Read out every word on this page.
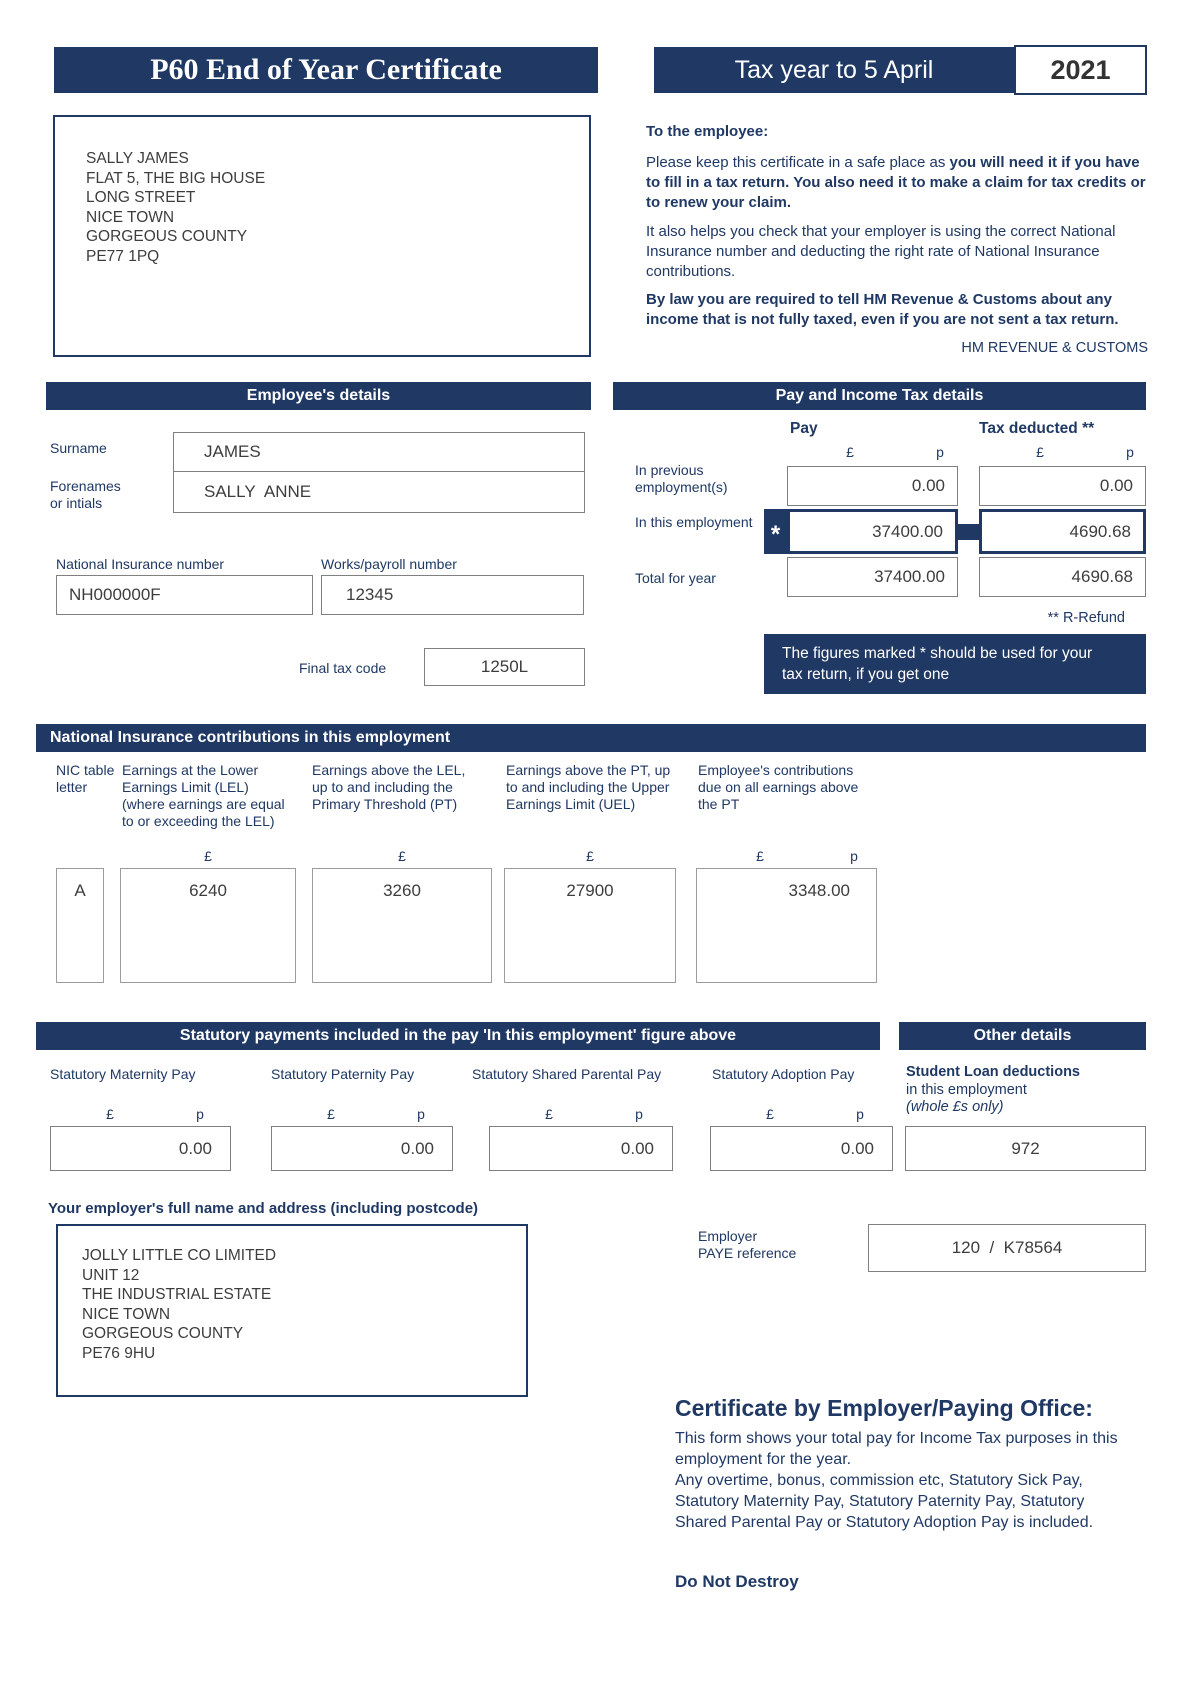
P60 End of Year Certificate	Tax year to 5 April	2021
SALLY JAMES
FLAT 5, THE BIG HOUSE
LONG STREET
NICE TOWN
GORGEOUS COUNTY
PE77 1PQ
To the employee:
Please keep this certificate in a safe place as you will need it if you have to fill in a tax return. You also need it to make a claim for tax credits or to renew your claim.
It also helps you check that your employer is using the correct National Insurance number and deducting the right rate of National Insurance contributions.
By law you are required to tell HM Revenue & Customs about any income that is not fully taxed, even if you are not sent a tax return.
HM REVENUE & CUSTOMS
Employee's details	Pay and Income Tax details
Surname	JAMES
Forenames
or intials
SALLY  ANNE
National Insurance number
NH000000F
Works/payroll number
12345
Final tax code	1250L
Pay	Tax deducted **
£	p	£	p
In previous employment(s)	0.00	0.00
In this employment *	37400.00	4690.68
Total for year	37400.00	4690.68
** R-Refund
The figures marked * should be used for your tax return, if you get one
National Insurance contributions in this employment
NIC table letter
Earnings at the Lower Earnings Limit (LEL) (where earnings are equal to or exceeding the LEL)
Earnings above the LEL, up to and including the Primary Threshold (PT)
Earnings above the PT, up to and including the Upper Earnings Limit (UEL)
Employee's contributions due on all earnings above the PT
£	£	£	£	p
A	6240	3260	27900	3348.00
Statutory payments included in the pay 'In this employment' figure above	Other details
Statutory Maternity Pay	Statutory Paternity Pay	Statutory Shared Parental Pay	Statutory Adoption Pay	Student Loan deductions
in this employment
(whole £s only)
£	p	£	p	£	p	£	p
0.00	0.00	0.00	0.00	972
Your employer's full name and address (including postcode)
JOLLY LITTLE CO LIMITED
UNIT 12
THE INDUSTRIAL ESTATE
NICE TOWN
GORGEOUS COUNTY
PE76 9HU
Employer
PAYE reference	120  /  K78564
Certificate by Employer/Paying Office:
This form shows your total pay for Income Tax purposes in this employment for the year.
Any overtime, bonus, commission etc, Statutory Sick Pay, Statutory Maternity Pay, Statutory Paternity Pay, Statutory Shared Parental Pay or Statutory Adoption Pay is included.
Do Not Destroy
